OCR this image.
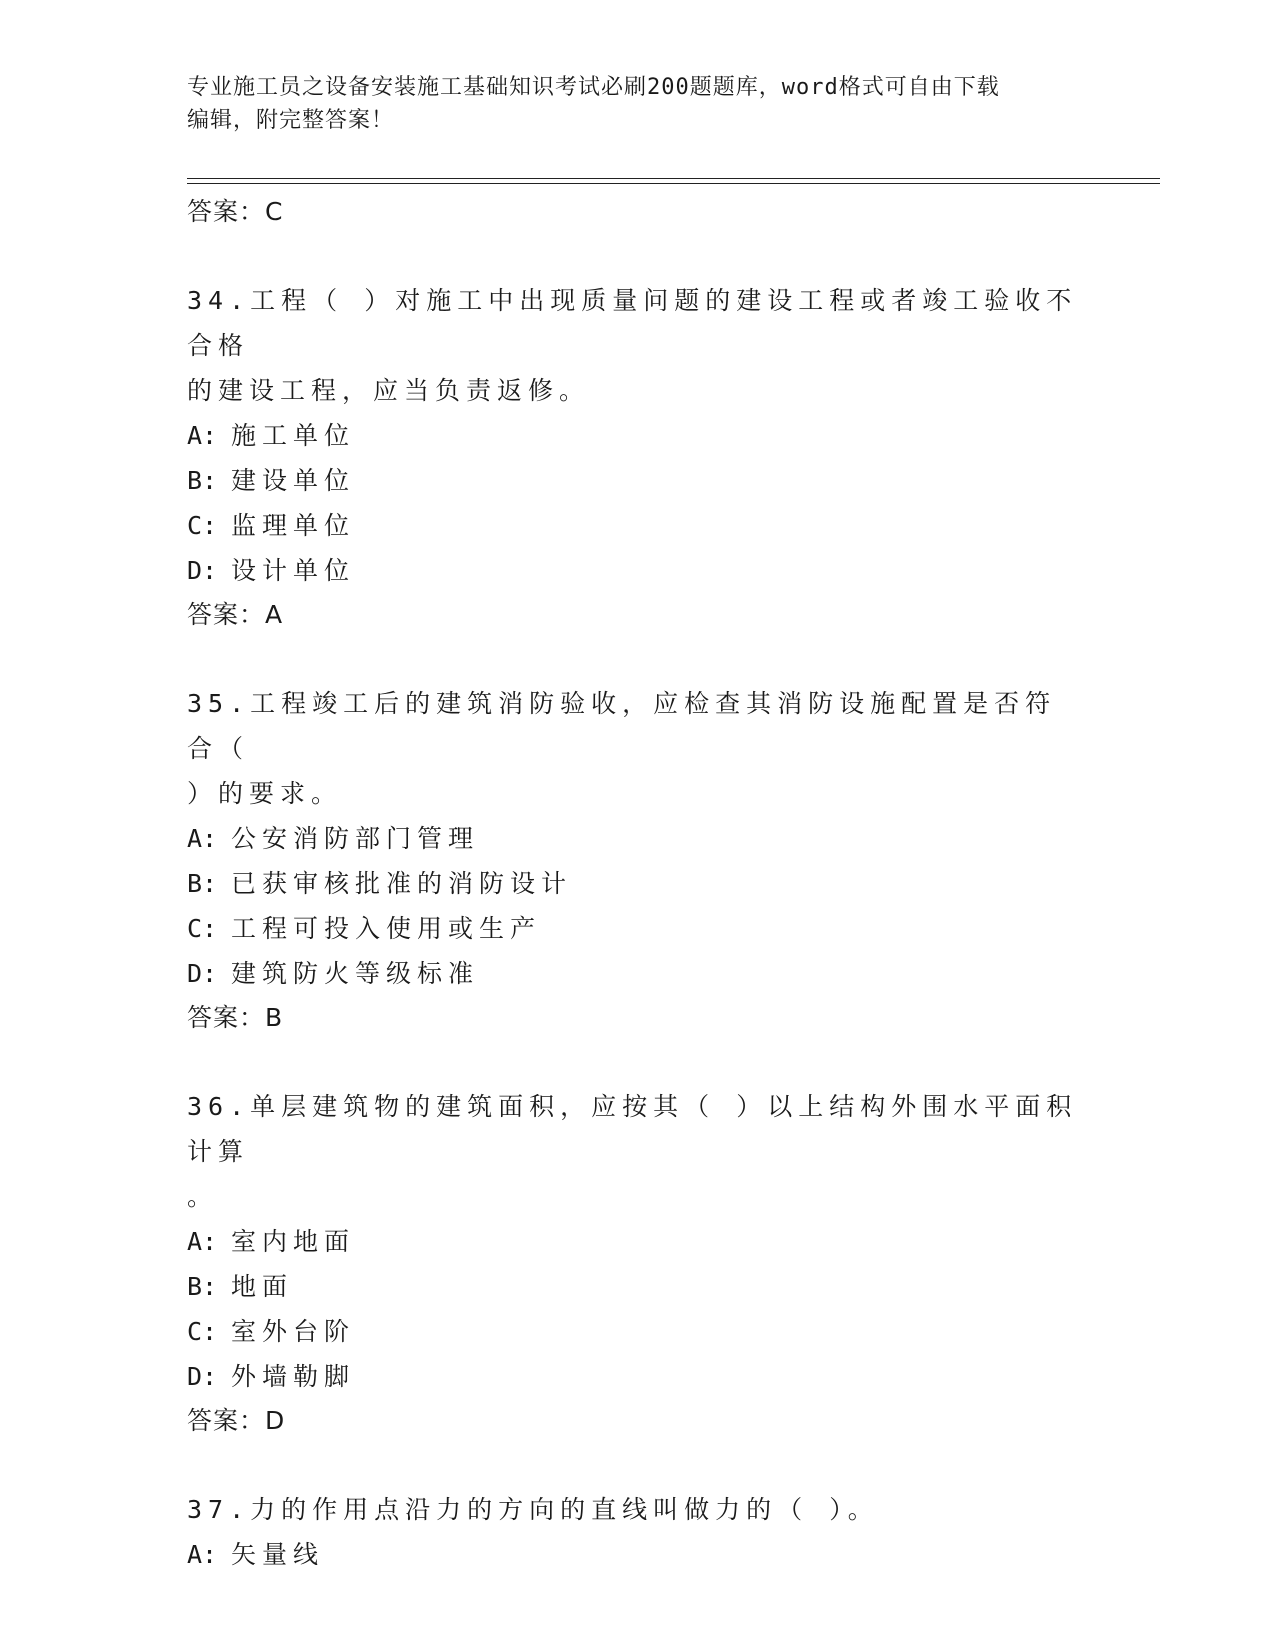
专业施工员之设备安装施工基础知识考试必刷200题题库，word格式可自由下载
编辑，附完整答案！
答案：C
34.工程（ ）对施工中出现质量问题的建设工程或者竣工验收不合格
的建设工程，应当负责返修。
A: 施工单位
B: 建设单位
C: 监理单位
D: 设计单位
答案：A
35.工程竣工后的建筑消防验收，应检查其消防设施配置是否符合（
）的要求。
A: 公安消防部门管理
B: 已获审核批准的消防设计
C: 工程可投入使用或生产
D: 建筑防火等级标准
答案：B
36.单层建筑物的建筑面积，应按其（ ）以上结构外围水平面积计算
。
A: 室内地面
B: 地面
C: 室外台阶
D: 外墙勒脚
答案：D
37.力的作用点沿力的方向的直线叫做力的（ ）。
A: 矢量线
